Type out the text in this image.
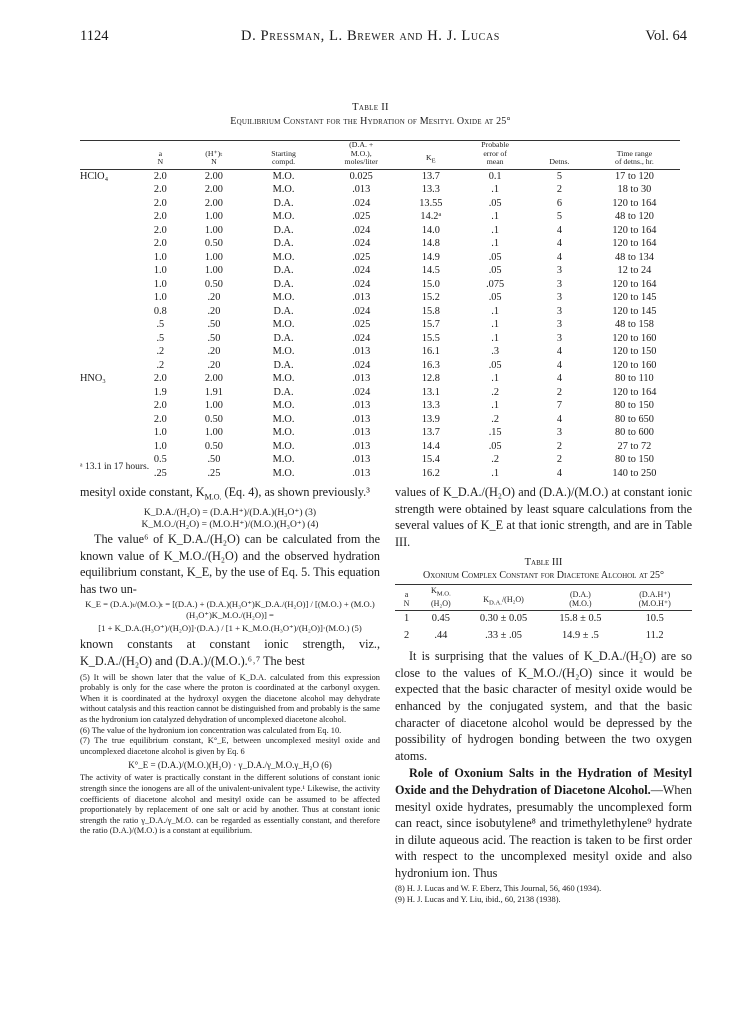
1124	D. Pressman, L. Brewer and H. J. Lucas	Vol. 64
Table II
Equilibrium Constant for the Hydration of Mesityl Oxide at 25°
	a
N	(H⁺)ₜ
N	Starting
compd.	(D.A. +
M.O.),
moles/liter	$K_E$	Probable
error of
mean	Detns.	Time range
of detns., hr.
HClO₄	2.0	2.00	M.O.	0.025	13.7	0.1	5	17 to 120
	2.0	2.00	M.O.	.013	13.3	.1	2	18 to 30
	2.0	2.00	D.A.	.024	13.55	.05	6	120 to 164
	2.0	1.00	M.O.	.025	14.2ᵃ	.1	5	48 to 120
	2.0	1.00	D.A.	.024	14.0	.1	4	120 to 164
	2.0	0.50	D.A.	.024	14.8	.1	4	120 to 164
	1.0	1.00	M.O.	.025	14.9	.05	4	48 to 134
	1.0	1.00	D.A.	.024	14.5	.05	3	12 to 24
	1.0	0.50	D.A.	.024	15.0	.075	3	120 to 164
	1.0	.20	M.O.	.013	15.2	.05	3	120 to 145
	0.8	.20	D.A.	.024	15.8	.1	3	120 to 145
	.5	.50	M.O.	.025	15.7	.1	3	48 to 158
	.5	.50	D.A.	.024	15.5	.1	3	120 to 160
	.2	.20	M.O.	.013	16.1	.3	4	120 to 150
	.2	.20	D.A.	.024	16.3	.05	4	120 to 160
HNO₃	2.0	2.00	M.O.	.013	12.8	.1	4	80 to 110
	1.9	1.91	D.A.	.024	13.1	.2	2	120 to 164
	2.0	1.00	M.O.	.013	13.3	.1	7	80 to 150
	2.0	0.50	M.O.	.013	13.9	.2	4	80 to 650
	1.0	1.00	M.O.	.013	13.7	.15	3	80 to 600
	1.0	0.50	M.O.	.013	14.4	.05	2	27 to 72
	0.5	.50	M.O.	.013	15.4	.2	2	80 to 150
	.25	.25	M.O.	.013	16.2	.1	4	140 to 250
ᵃ 13.1 in 17 hours.
mesityl oxide constant, $K_{M.O.}$ (Eq. 4), as shown previously.³
K_D.A./(H₂O) = (D.A.H⁺)/(D.A.)(H₃O⁺) (3)
K_M.O./(H₂O) = (M.O.H⁺)/(M.O.)(H₃O⁺) (4)
The value⁶ of K_D.A./(H₂O) can be calculated from the known value of K_M.O./(H₂O) and the observed hydration equilibrium constant, K_E, by the use of Eq. 5. This equation has two un-
K_E = (D.A.)ₜ/(M.O.)ₜ = [(D.A.) + (D.A.)(H₃O⁺)K_D.A./(H₂O)] / [(M.O.) + (M.O.)(H₃O⁺)K_M.O./(H₂O)] =
[1 + K_D.A.(H₃O⁺)/(H₂O)]·(D.A.) / [1 + K_M.O.(H₃O⁺)/(H₂O)]·(M.O.) (5)
known constants at constant ionic strength, viz., K_D.A./(H₂O) and (D.A.)/(M.O.).⁶˒⁷ The best
(5) It will be shown later that the value of K_D.A. calculated from this expression probably is only for the case where the proton is coordinated at the carbonyl oxygen. When it is coordinated at the hydroxyl oxygen the diacetone alcohol may dehydrate without catalysis and this reaction cannot be distinguished from and probably is the same as the hydronium ion catalyzed dehydration of uncomplexed diacetone alcohol.
(6) The value of the hydronium ion concentration was calculated from Eq. 10.
(7) The true equilibrium constant, K°_E, between uncomplexed mesityl oxide and uncomplexed diacetone alcohol is given by Eq. 6
K°_E = (D.A.)/(M.O.)(H₂O) · γ_D.A./γ_M.O.γ_H₂O (6)
The activity of water is practically constant in the different solutions of constant ionic strength since the ionogens are all of the univalent-univalent type.¹ Likewise, the activity coefficients of diacetone alcohol and mesityl oxide can be assumed to be affected proportionately by replacement of one salt or acid by another. Thus at constant ionic strength the ratio γ_D.A./γ_M.O. can be regarded as essentially constant, and therefore the ratio (D.A.)/(M.O.) is a constant at equilibrium.
values of K_D.A./(H₂O) and (D.A.)/(M.O.) at constant ionic strength were obtained by least square calculations from the several values of K_E at that ionic strength, and are in Table III.
Table III
Oxonium Complex Constant for Diacetone Alcohol at 25°
a
N	$K_{M.O.}$
(H₂O)	$K_{D.A.}/(H_2O)$	(D.A.)
(M.O.)	(D.A.H⁺)
(M.O.H⁺)
1	0.45	0.30 ± 0.05	15.8 ± 0.5	10.5
2	.44	.33 ± .05	14.9 ± .5	11.2
It is surprising that the values of K_D.A./(H₂O) are so close to the values of K_M.O./(H₂O) since it would be expected that the basic character of mesityl oxide would be enhanced by the conjugated system, and that the basic character of diacetone alcohol would be depressed by the possibility of hydrogen bonding between the two oxygen atoms.
Role of Oxonium Salts in the Hydration of Mesityl Oxide and the Dehydration of Diacetone Alcohol.—When mesityl oxide hydrates, presumably the uncomplexed form can react, since isobutylene⁸ and trimethylethylene⁹ hydrate in dilute aqueous acid. The reaction is taken to be first order with respect to the uncomplexed mesityl oxide and also hydronium ion. Thus
(8) H. J. Lucas and W. F. Eberz, This Journal, 56, 460 (1934).
(9) H. J. Lucas and Y. Liu, ibid., 60, 2138 (1938).
